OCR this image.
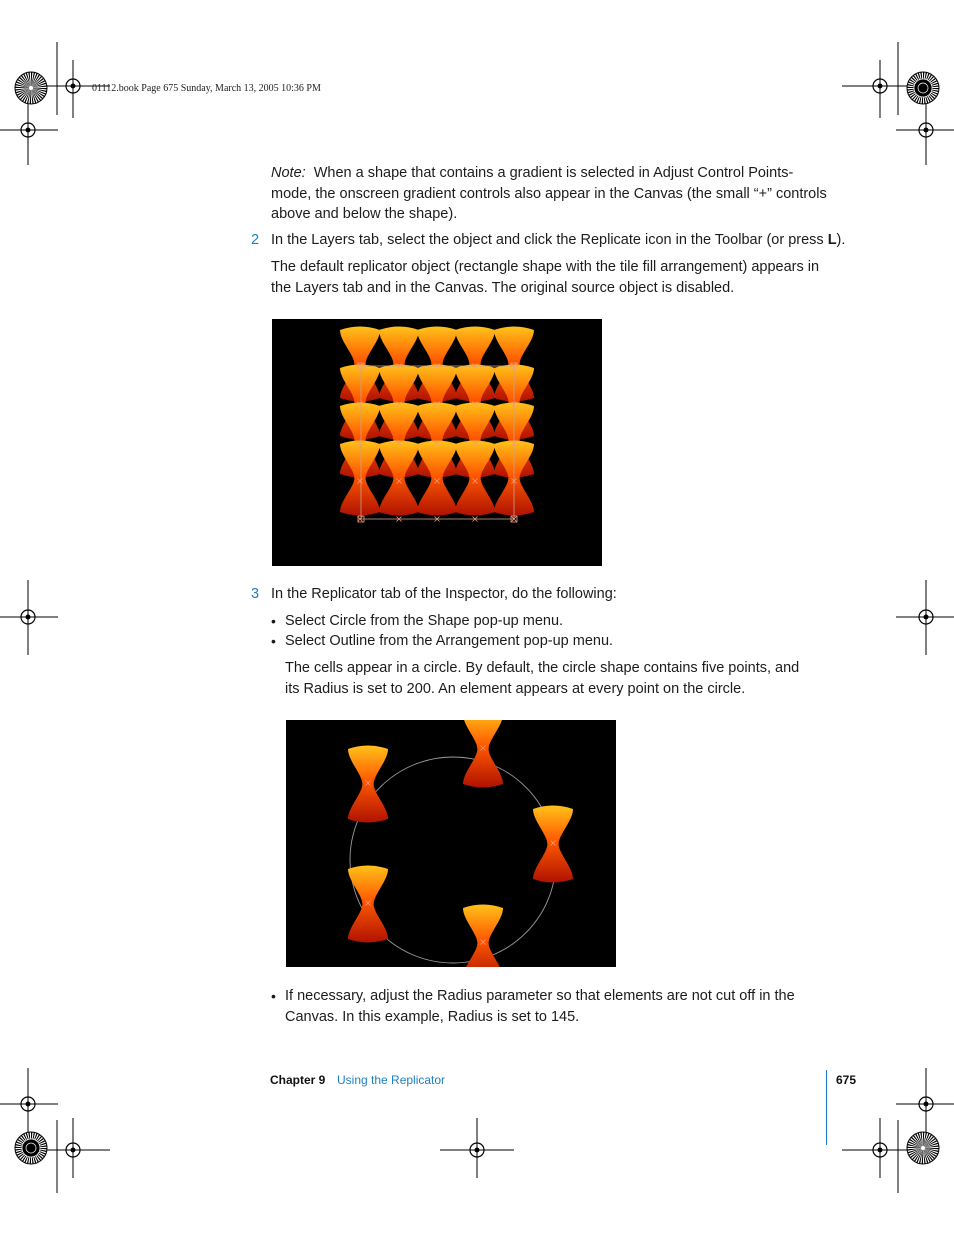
01112.book Page 675 Sunday, March 13, 2005 10:36 PM
Note: When a shape that contains a gradient is selected in Adjust Control Points-mode, the onscreen gradient controls also appear in the Canvas (the small “+” controls above and below the shape).
2 In the Layers tab, select the object and click the Replicate icon in the Toolbar (or press L).
The default replicator object (rectangle shape with the tile fill arrangement) appears in the Layers tab and in the Canvas. The original source object is disabled.
3 In the Replicator tab of the Inspector, do the following:
• Select Circle from the Shape pop-up menu.
• Select Outline from the Arrangement pop-up menu.
The cells appear in a circle. By default, the circle shape contains five points, and its Radius is set to 200. An element appears at every point on the circle.
• If necessary, adjust the Radius parameter so that elements are not cut off in the Canvas. In this example, Radius is set to 145.
Chapter 9 Using the Replicator	675
